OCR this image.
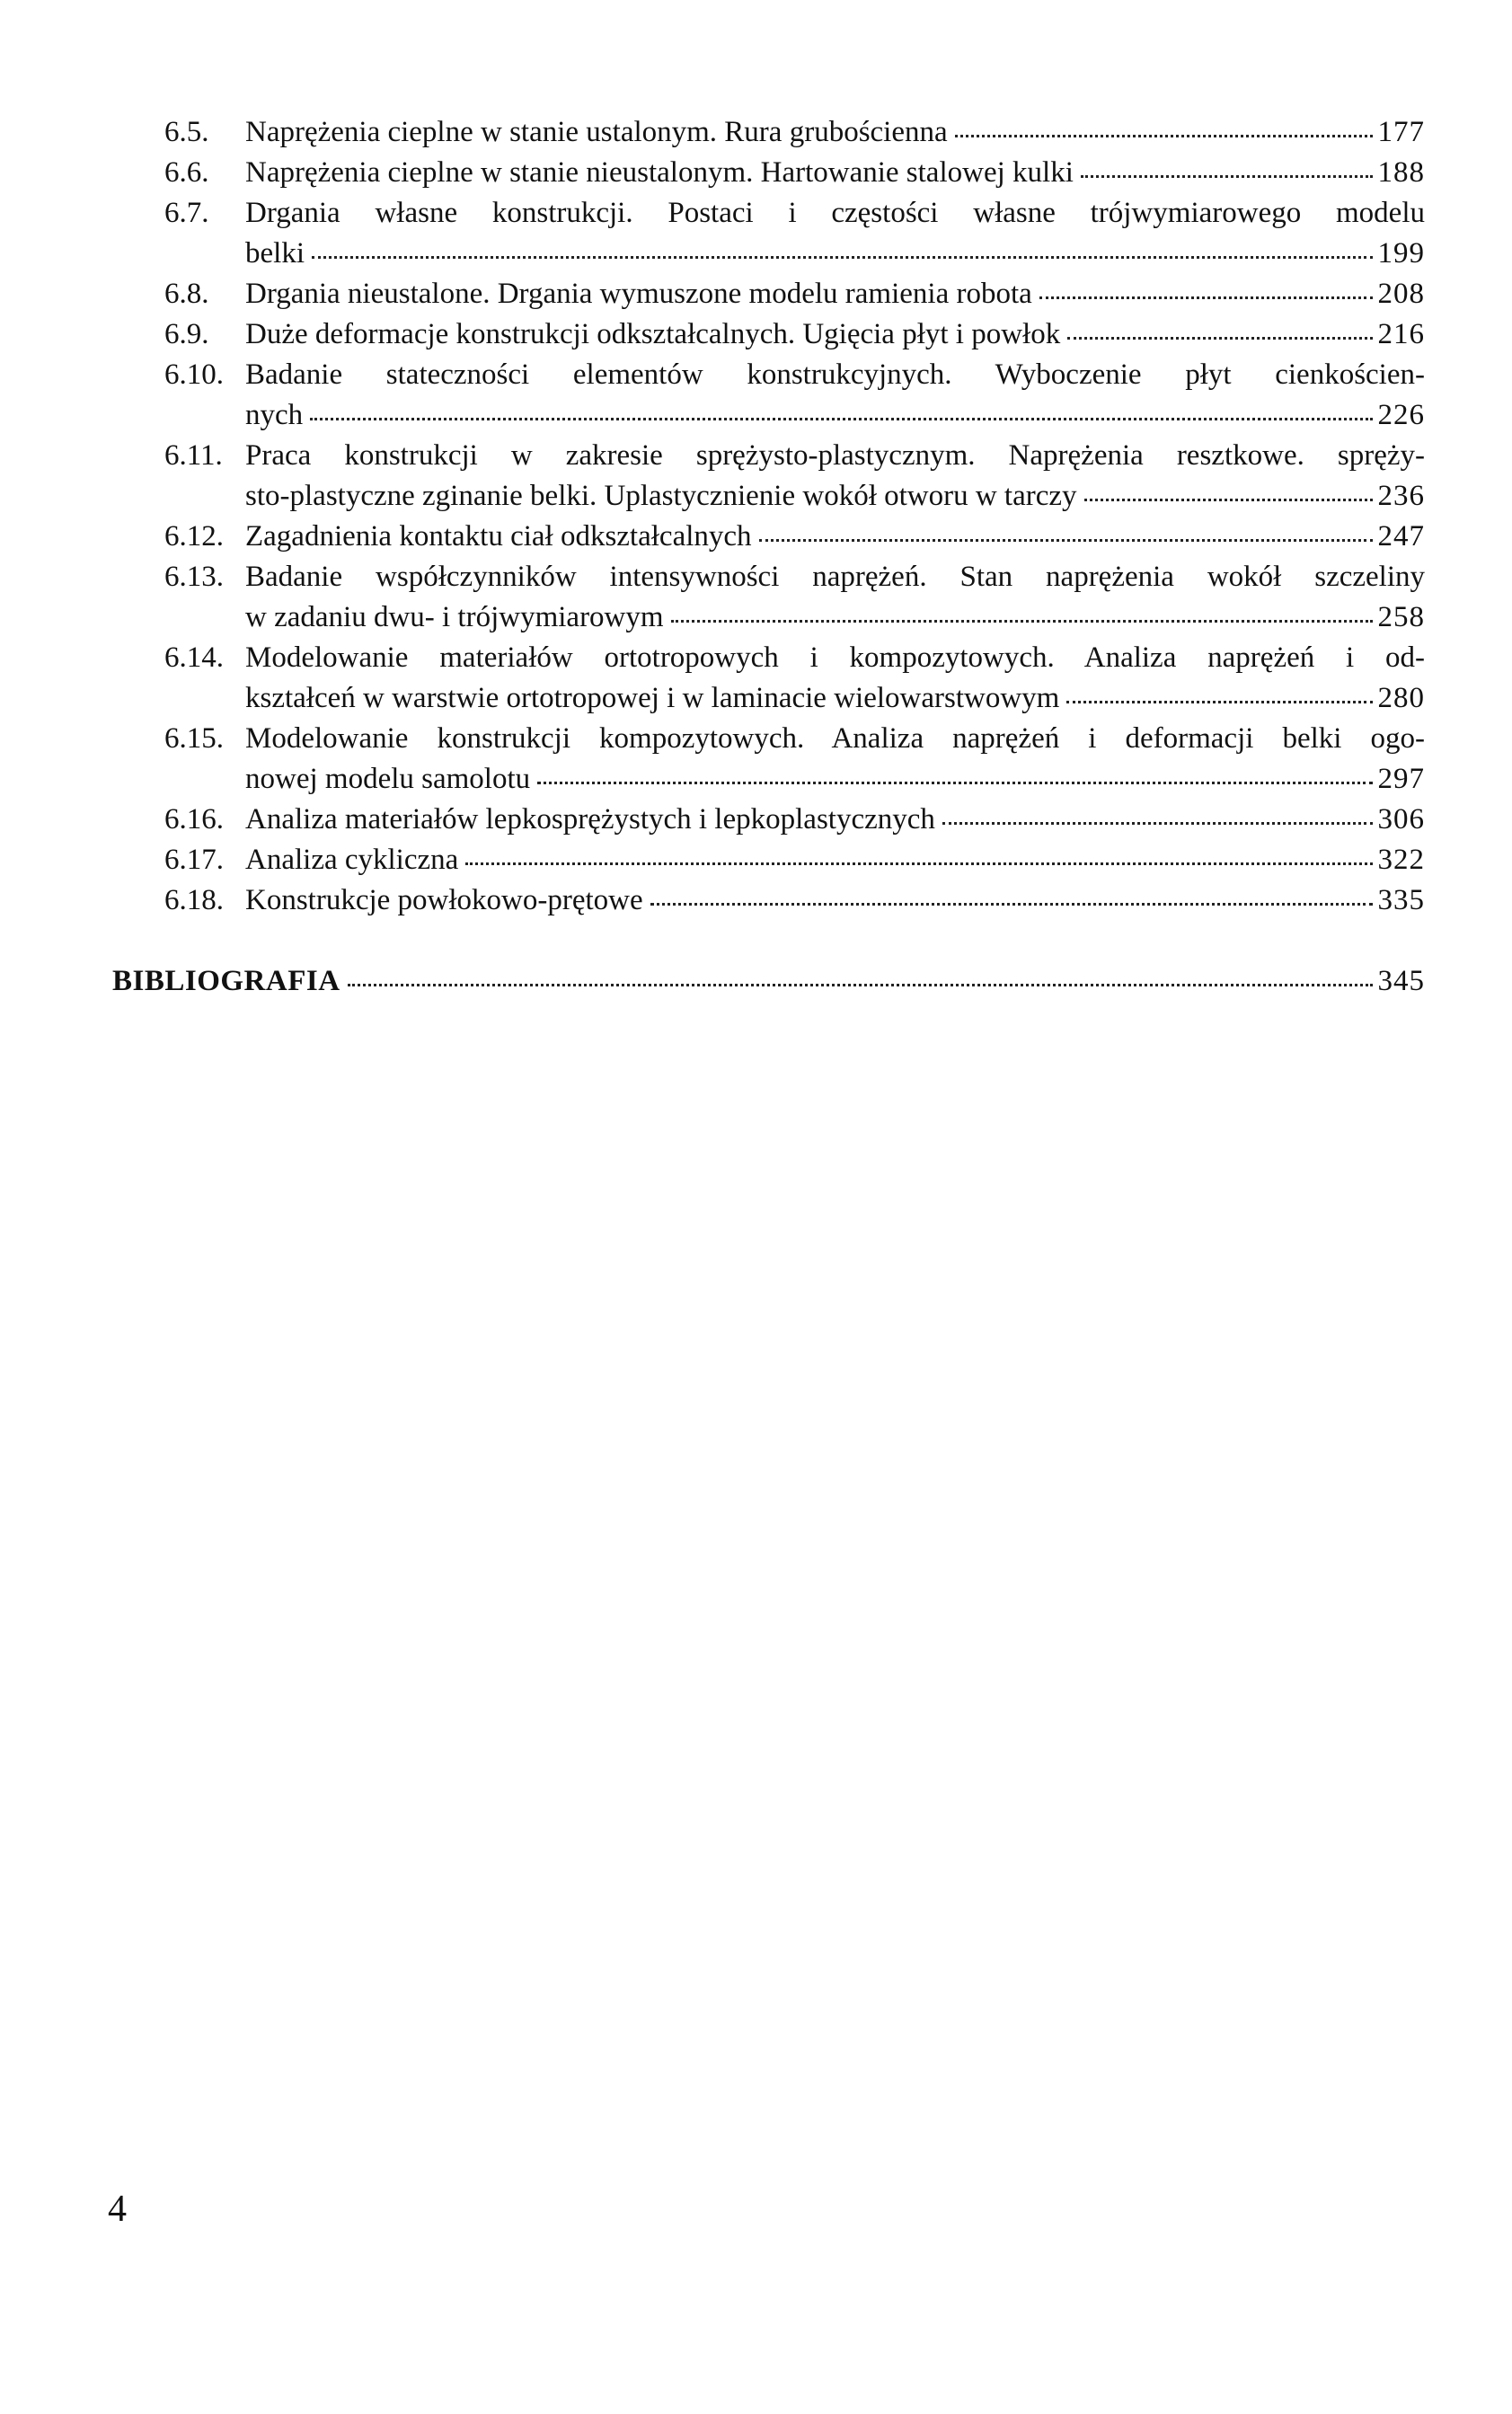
6.5.	Naprężenia cieplne w stanie ustalonym. Rura grubościenna	177
6.6.	Naprężenia cieplne w stanie nieustalonym. Hartowanie stalowej kulki	188
6.7.	Drgania własne konstrukcji. Postaci i częstości własne trójwymiarowego modelu
belki	199
6.8.	Drgania nieustalone. Drgania wymuszone modelu ramienia robota	208
6.9.	Duże deformacje konstrukcji odkształcalnych. Ugięcia płyt i powłok	216
6.10. Badanie stateczności elementów konstrukcyjnych. Wyboczenie płyt cienkościen-
nych	226
6.11. Praca konstrukcji w zakresie sprężysto-plastycznym. Naprężenia resztkowe. spręży-
sto-plastyczne zginanie belki. Uplastycznienie wokół otworu w tarczy	236
6.12. Zagadnienia kontaktu ciał odkształcalnych	247
6.13. Badanie współczynników intensywności naprężeń. Stan naprężenia wokół szczeliny
w zadaniu dwu- i trójwymiarowym	258
6.14. Modelowanie materiałów ortotropowych i kompozytowych. Analiza naprężeń i od-
kształceń w warstwie ortotropowej i w laminacie wielowarstwowym	280
6.15. Modelowanie konstrukcji kompozytowych. Analiza naprężeń i deformacji belki ogo-
nowej modelu samolotu	297
6.16. Analiza materiałów lepkosprężystych i lepkoplastycznych	306
6.17. Analiza cykliczna	322
6.18. Konstrukcje powłokowo-prętowe	335
BIBLIOGRAFIA	345
4
